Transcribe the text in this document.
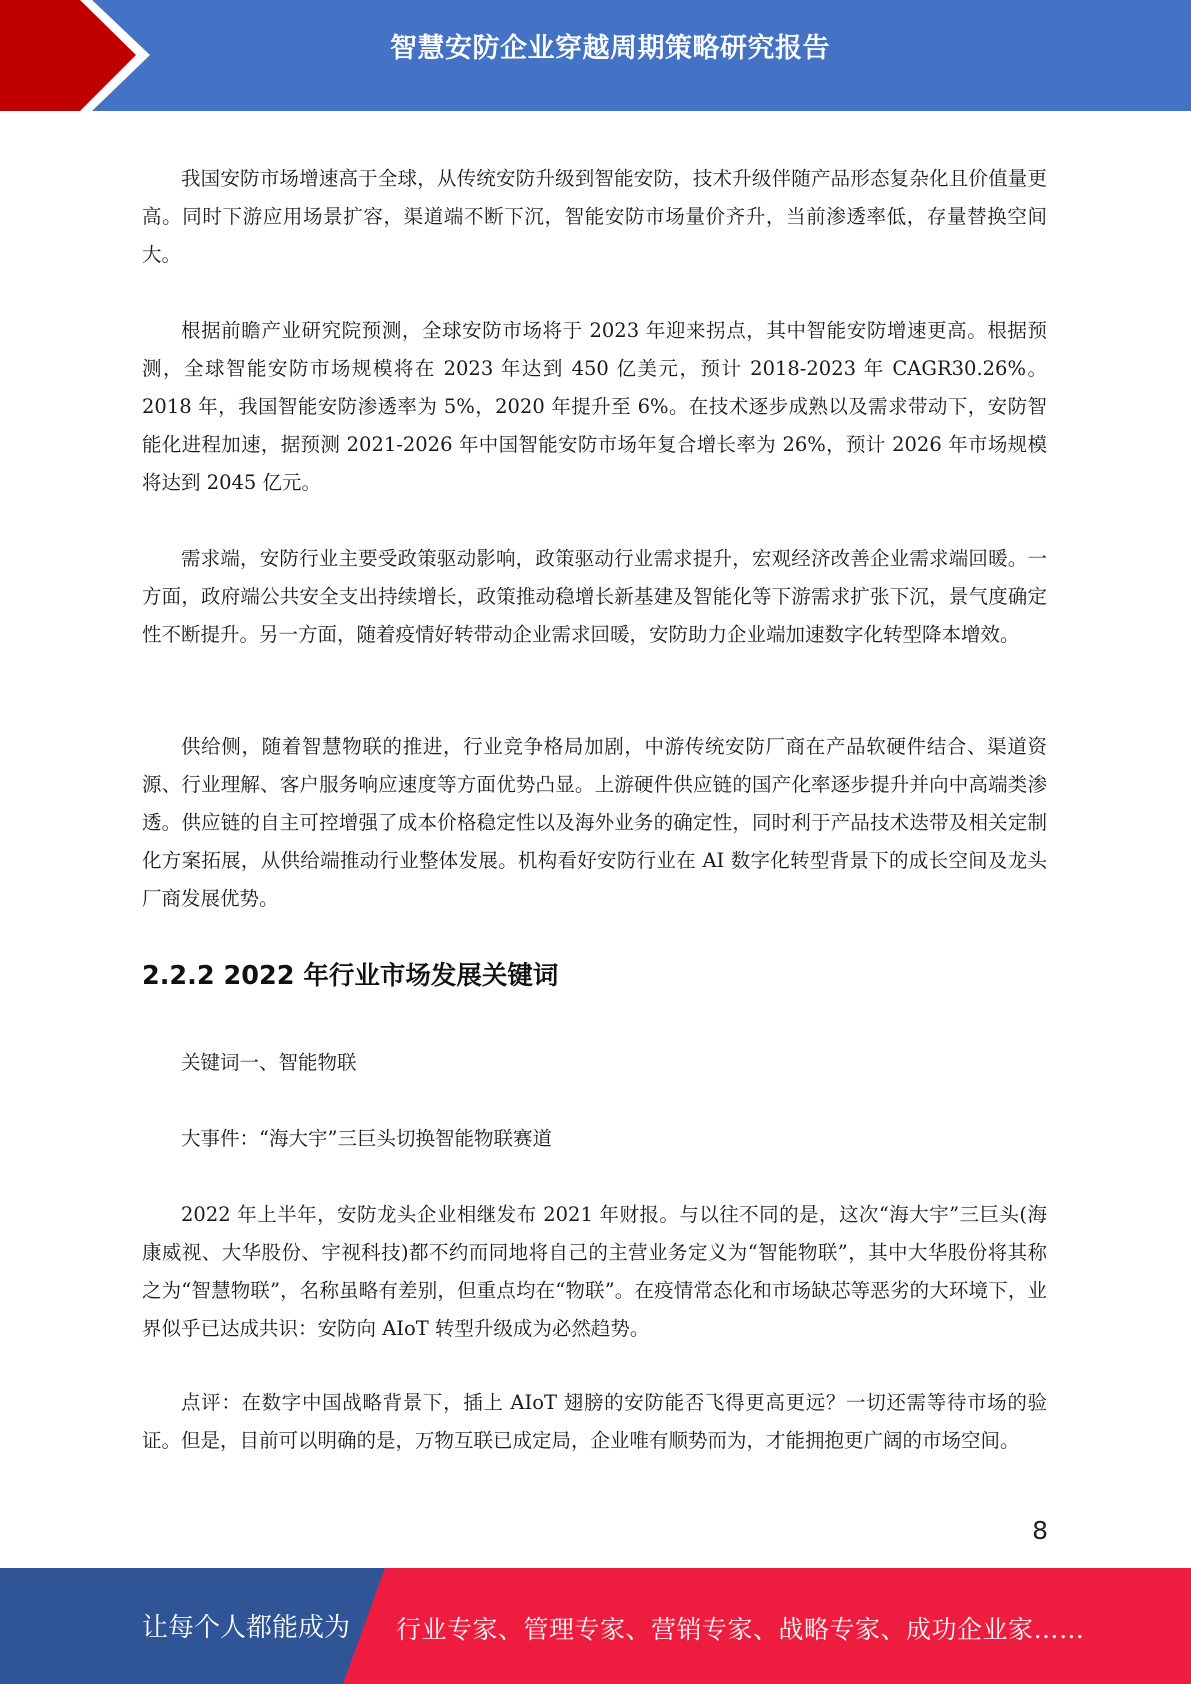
智慧安防企业穿越周期策略研究报告

我国安防市场增速高于全球，从传统安防升级到智能安防，技术升级伴随产品形态复杂化且价值量更高。同时下游应用场景扩容，渠道端不断下沉，智能安防市场量价齐升，当前渗透率低，存量替换空间大。

根据前瞻产业研究院预测，全球安防市场将于 2023 年迎来拐点，其中智能安防增速更高。根据预测，全球智能安防市场规模将在 2023 年达到 450 亿美元，预计 2018-2023 年 CAGR30.26%。2018 年，我国智能安防渗透率为 5%，2020 年提升至 6%。在技术逐步成熟以及需求带动下，安防智能化进程加速，据预测 2021-2026 年中国智能安防市场年复合增长率为 26%，预计 2026 年市场规模将达到 2045 亿元。

需求端，安防行业主要受政策驱动影响，政策驱动行业需求提升，宏观经济改善企业需求端回暖。一方面，政府端公共安全支出持续增长，政策推动稳增长新基建及智能化等下游需求扩张下沉，景气度确定性不断提升。另一方面，随着疫情好转带动企业需求回暖，安防助力企业端加速数字化转型降本增效。

供给侧，随着智慧物联的推进，行业竞争格局加剧，中游传统安防厂商在产品软硬件结合、渠道资源、行业理解、客户服务响应速度等方面优势凸显。上游硬件供应链的国产化率逐步提升并向中高端类渗透。供应链的自主可控增强了成本价格稳定性以及海外业务的确定性，同时利于产品技术迭带及相关定制化方案拓展，从供给端推动行业整体发展。机构看好安防行业在 AI 数字化转型背景下的成长空间及龙头厂商发展优势。

2.2.2 2022 年行业市场发展关键词

关键词一、智能物联

大事件：“海大宇”三巨头切换智能物联赛道

2022 年上半年，安防龙头企业相继发布 2021 年财报。与以往不同的是，这次“海大宇”三巨头(海康威视、大华股份、宇视科技)都不约而同地将自己的主营业务定义为“智能物联”，其中大华股份将其称之为“智慧物联”，名称虽略有差别，但重点均在“物联”。在疫情常态化和市场缺芯等恶劣的大环境下，业界似乎已达成共识：安防向 AIoT 转型升级成为必然趋势。

点评：在数字中国战略背景下，插上 AIoT 翅膀的安防能否飞得更高更远？一切还需等待市场的验证。但是，目前可以明确的是，万物互联已成定局，企业唯有顺势而为，才能拥抱更广阔的市场空间。

8
让每个人都能成为 行业专家、管理专家、营销专家、战略专家、成功企业家……
